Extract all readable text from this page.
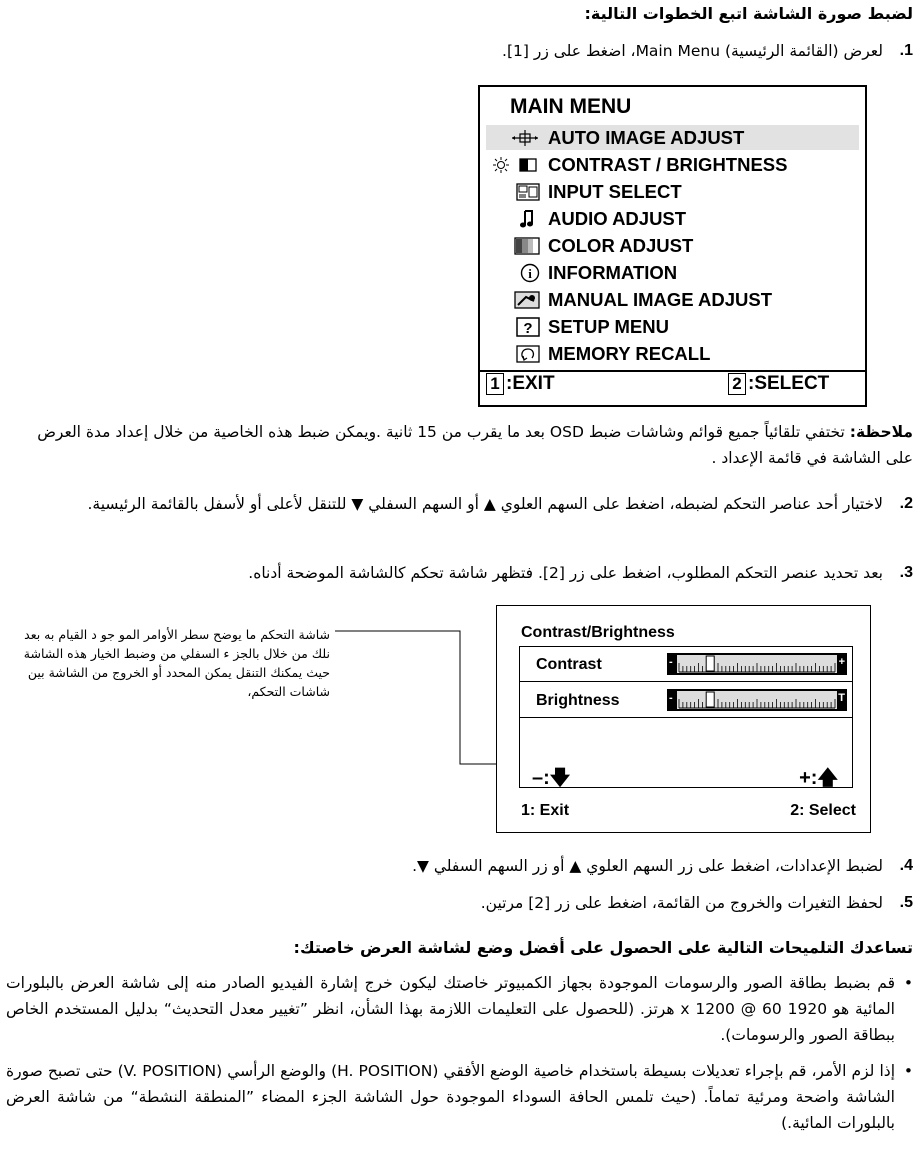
لضبط صورة الشاشة اتبع الخطوات التالية:
1.
لعرض (القائمة الرئيسية) Main Menu، اضغط على زر [1].
MAIN MENU
AUTO IMAGE ADJUST
CONTRAST / BRIGHTNESS
INPUT SELECT
AUDIO ADJUST
COLOR ADJUST
i INFORMATION
MANUAL IMAGE ADJUST
? SETUP MENU
MEMORY RECALL
1 :EXIT	2 :SELECT
ملاحظة: تختفي تلقائياً جميع قوائم وشاشات ضبط OSD بعد ما يقرب من 15 ثانية .ويمكن ضبط هذه الخاصية من خلال إعداد مدة العرض على الشاشة في قائمة الإعداد .
2.
لاختيار أحد عناصر التحكم لضبطه، اضغط على السهم العلوي ▲ أو السهم السفلي ▼ للتنقل لأعلى أو لأسفل بالقائمة الرئيسية.
3.
بعد تحديد عنصر التحكم المطلوب، اضغط على زر [2]. فتظهر شاشة تحكم كالشاشة الموضحة أدناه.
شاشة التحكم ما يوضح سطر الأوامر المو جو د القيام به بعد نلك من خلال بالجز ء السفلي من وضبط الخيار هذه الشاشة حيث يمكنك التنقل يمكن المحدد أو الخروج من الشاشة بين شاشات التحكم،
Contrast/Brightness
Contrast	-	+
Brightness	-	T
–:🡇	+:🡅
1: Exit	2: Select
4.
لضبط الإعدادات، اضغط على زر السهم العلوي ▲ أو زر السهم السفلي ▼.
5.
لحفظ التغيرات والخروج من القائمة، اضغط على زر [2] مرتين.
تساعدك التلميحات التالية على الحصول على أفضل وضع لشاشة العرض خاصتك:
•
قم بضبط بطاقة الصور والرسومات الموجودة بجهاز الكمبيوتر خاصتك ليكون خرج إشارة الفيديو الصادر منه إلى شاشة العرض بالبلورات المائية هو 1920 x 1200 @ 60 هرتز. (للحصول على التعليمات اللازمة بهذا الشأن، انظر ”تغيير معدل التحديث“ بدليل المستخدم الخاص ببطاقة الصور والرسومات).
•
إذا لزم الأمر، قم بإجراء تعديلات بسيطة باستخدام خاصية الوضع الأفقي (H. POSITION) والوضع الرأسي (V. POSITION) حتى تصبح صورة الشاشة واضحة ومرئية تماماً. (حيث تلمس الحافة السوداء الموجودة حول الشاشة الجزء المضاء ”المنطقة النشطة“ من شاشة العرض بالبلورات المائية.)
